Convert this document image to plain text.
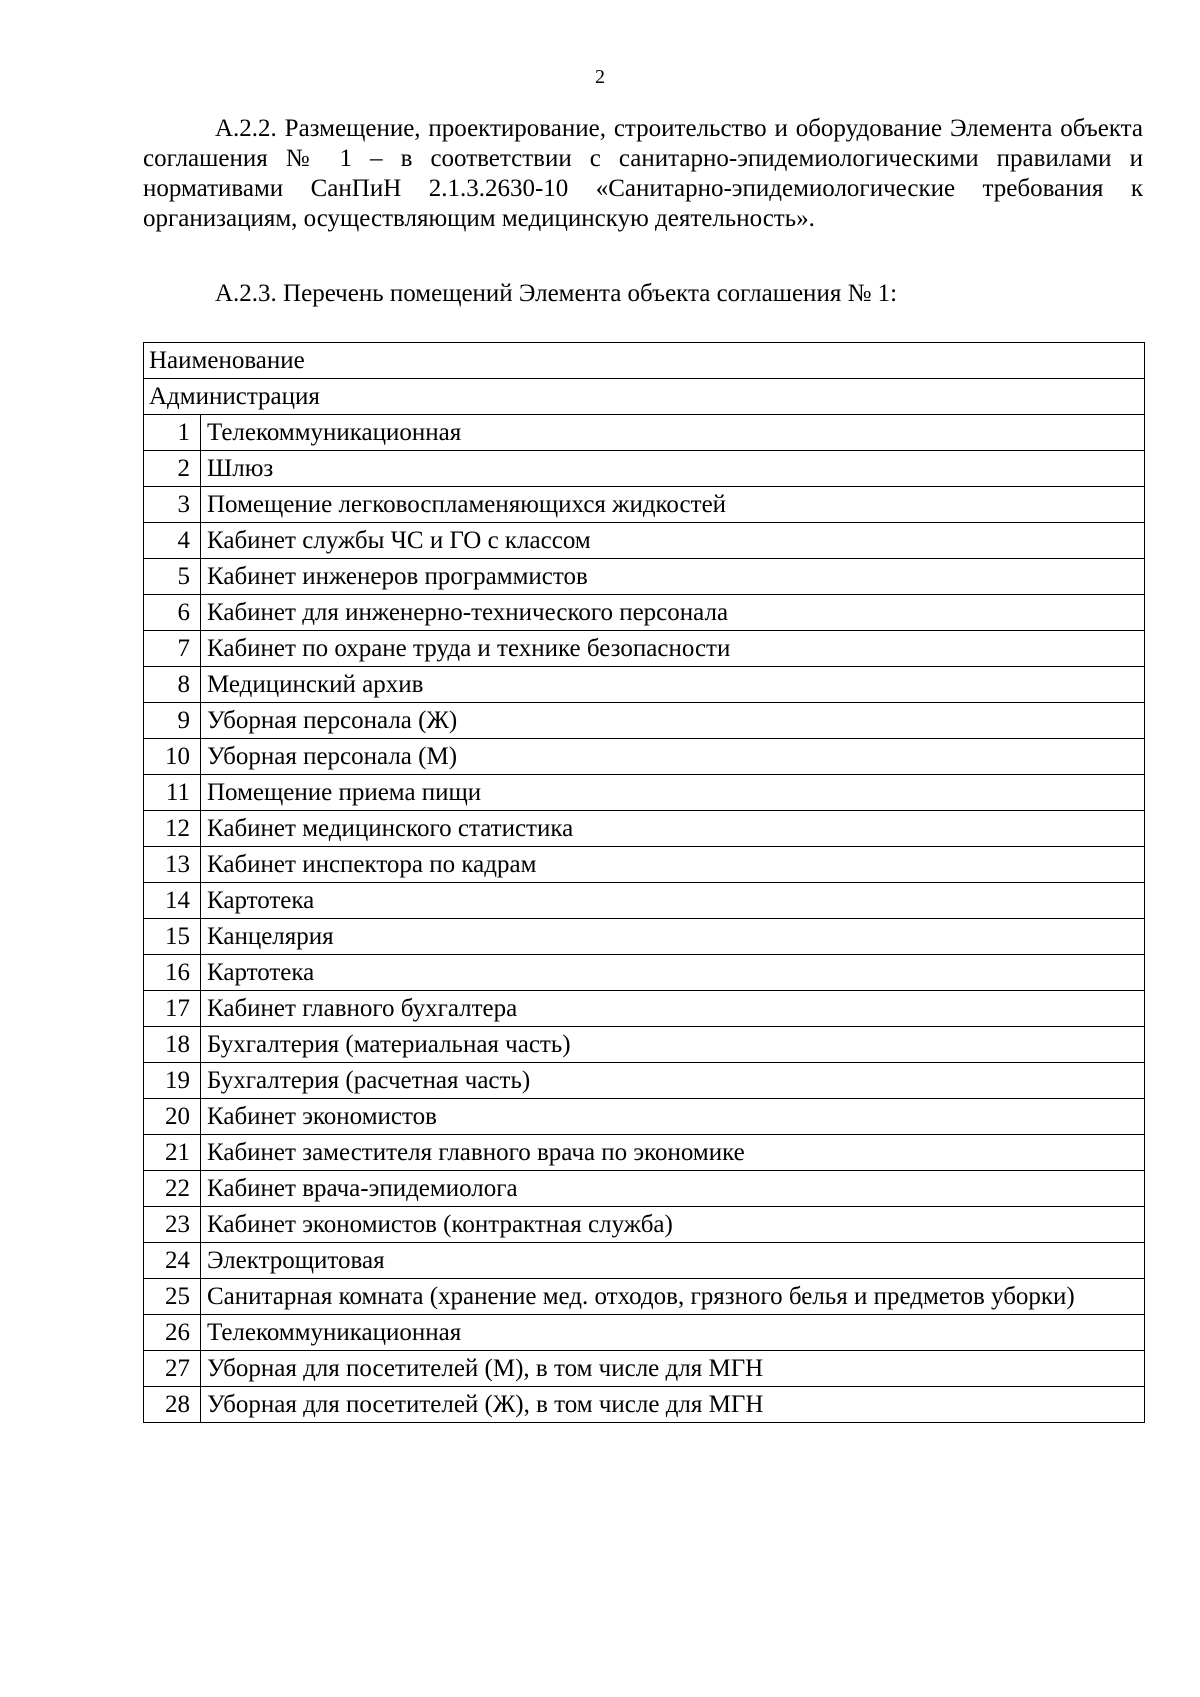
2

А.2.2. Размещение, проектирование, строительство и оборудование Элемента объекта соглашения № 1 – в соответствии с санитарно-эпидемиологическими правилами и нормативами СанПиН 2.1.3.2630-10 «Санитарно-эпидемиологические требования к организациям, осуществляющим медицинскую деятельность».

А.2.3. Перечень помещений Элемента объекта соглашения № 1:

Наименование	
Администрация	
1	Телекоммуникационная
2	Шлюз
3	Помещение легковоспламеняющихся жидкостей
4	Кабинет службы ЧС и ГО с классом
5	Кабинет инженеров программистов
6	Кабинет для инженерно-технического персонала
7	Кабинет по охране труда и технике безопасности
8	Медицинский архив
9	Уборная персонала (Ж)
10	Уборная персонала (М)
11	Помещение приема пищи
12	Кабинет медицинского статистика
13	Кабинет инспектора по кадрам
14	Картотека
15	Канцелярия
16	Картотека
17	Кабинет главного бухгалтера
18	Бухгалтерия (материальная часть)
19	Бухгалтерия (расчетная часть)
20	Кабинет экономистов
21	Кабинет заместителя главного врача по экономике
22	Кабинет врача-эпидемиолога
23	Кабинет экономистов (контрактная служба)
24	Электрощитовая
25	Санитарная комната (хранение мед. отходов, грязного белья и предметов уборки)
26	Телекоммуникационная
27	Уборная для посетителей (М), в том числе для МГН
28	Уборная для посетителей (Ж), в том числе для МГН
